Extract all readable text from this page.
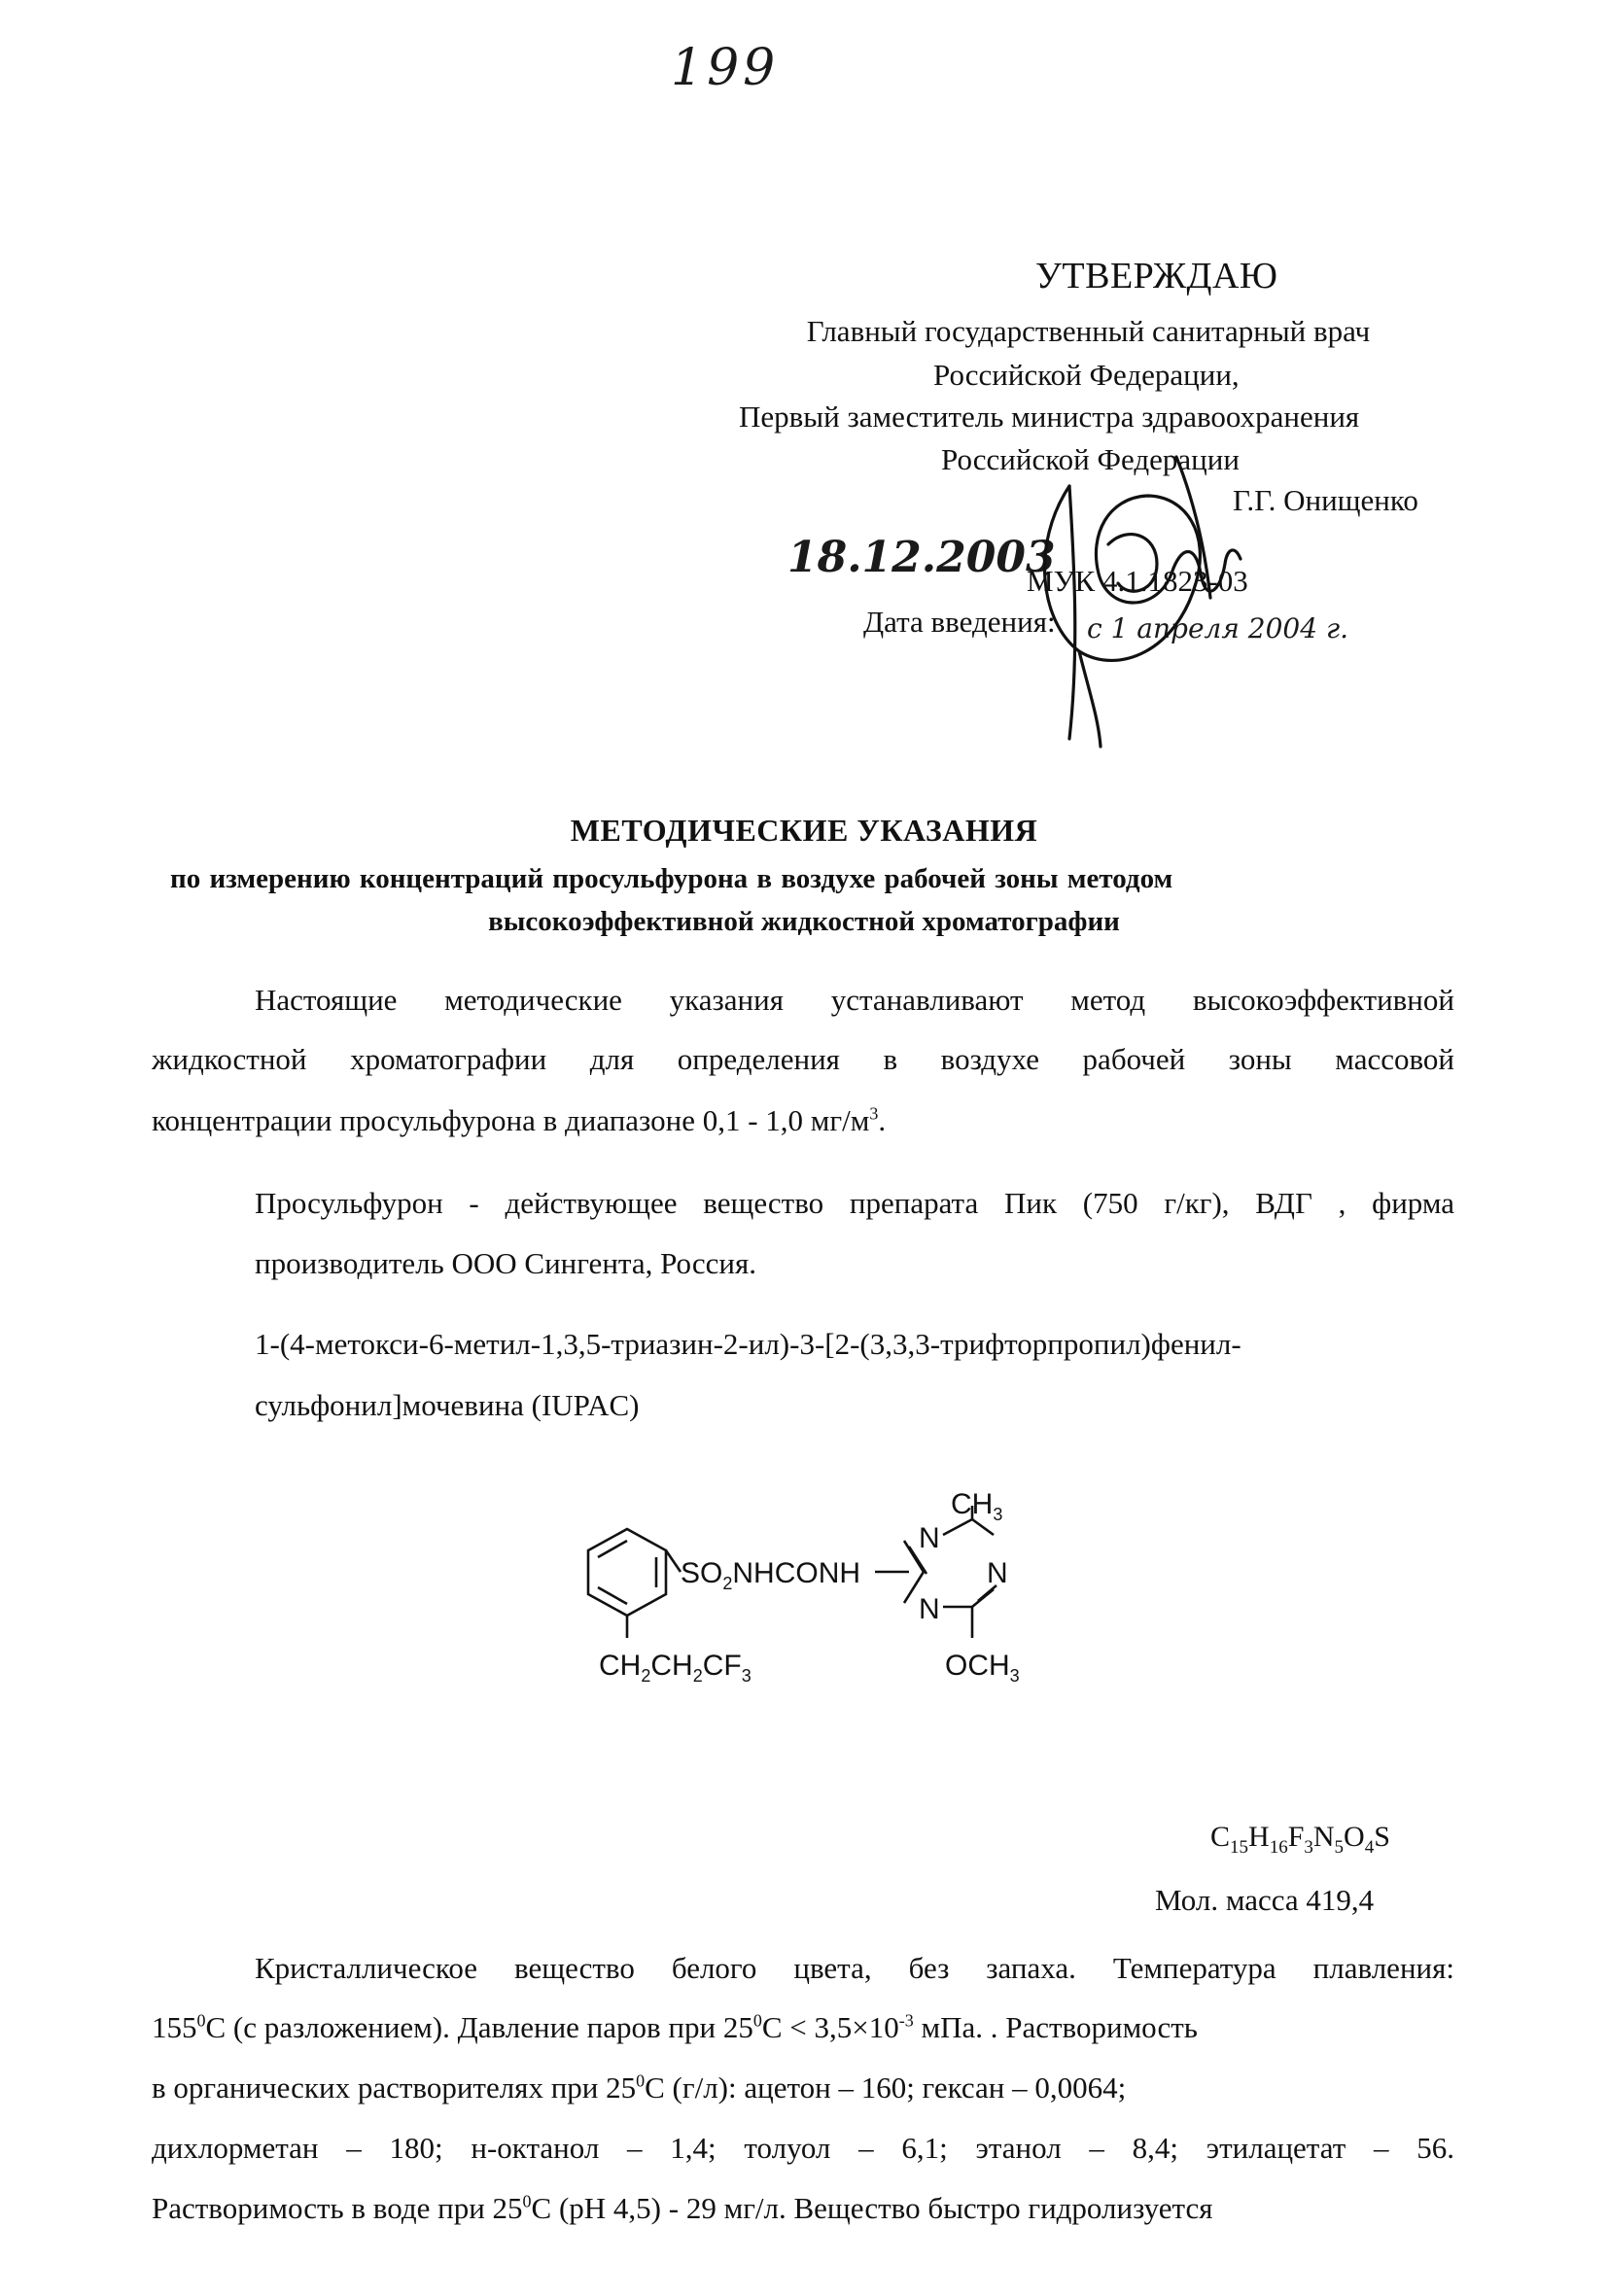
199
УТВЕРЖДАЮ
Главный государственный санитарный врач
Российской Федерации,
Первый заместитель министра здравоохранения
Российской Федерации
Г.Г. Онищенко
МУК 4.1.1823-03
Дата введения:
18.12.2003
с 1 апреля 2004 г.
МЕТОДИЧЕСКИЕ УКАЗАНИЯ
по измерению концентраций просульфурона в воздухе рабочей зоны методом
высокоэффективной жидкостной хроматографии
Настоящие методические указания устанавливают метод высокоэффективной
жидкостной хроматографии для определения в воздухе рабочей зоны массовой
концентрации просульфурона в диапазоне 0,1 - 1,0 $мг/м^3$.
Просульфурон - действующее вещество препарата Пик (750 г/кг), ВДГ , фирма
производитель ООО Сингента, Россия.
1-(4-метокси-6-метил-1,3,5-триазин-2-ил)-3-[2-(3,3,3-трифторпропил)фенил-
сульфонил]мочевина (IUPAC)
$SO_2NHCONH$
$CH_3$
N
N
N
$CH_2CH_2CF_3$	$OCH_3$
$C_{15}H_{16}F_3N_5O_4S$
Мол. масса 419,4
Кристаллическое вещество белого цвета, без запаха. Температура плавления:
$155^0С$ (с разложением). Давление паров при $25^0С < 3,5\times 10^{-3}$ мПа. . Растворимость
в органических растворителях при $25^0С$ (г/л): ацетон – 160; гексан – 0,0064;
дихлорметан – 180; н-октанол – 1,4; толуол – 6,1; этанол – 8,4; этилацетат – 56.
Растворимость в воде при $25^0С$ (рН 4,5) - 29 мг/л. Вещество быстро гидролизуется
